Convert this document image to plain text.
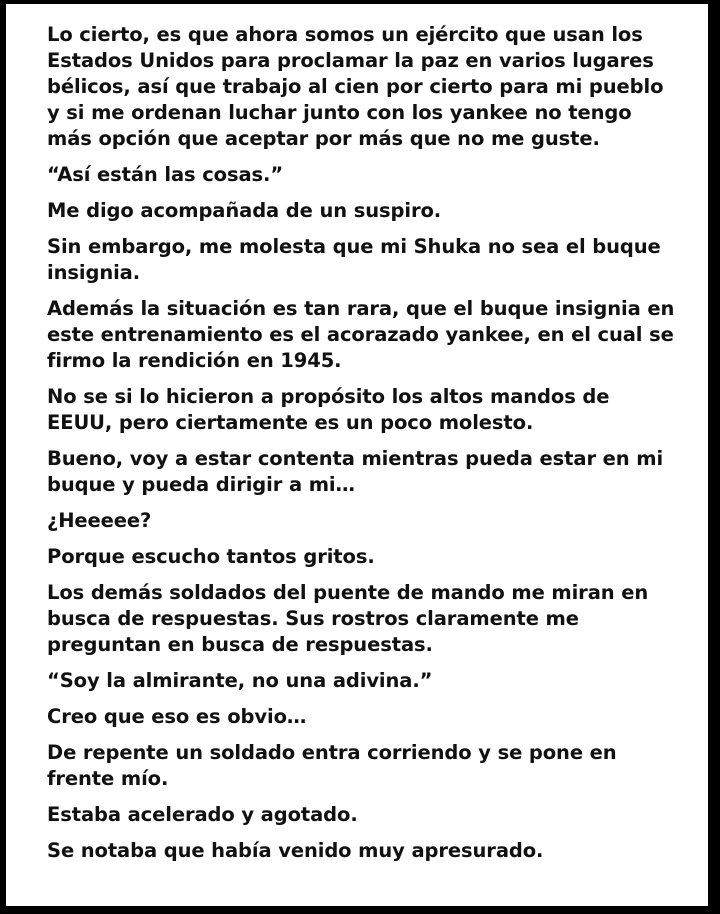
Lo cierto, es que ahora somos un ejército que usan los Estados Unidos para proclamar la paz en varios lugares bélicos, así que trabajo al cien por cierto para mi pueblo y si me ordenan luchar junto con los yankee no tengo más opción que aceptar por más que no me guste.

“Así están las cosas.”

Me digo acompañada de un suspiro.

Sin embargo, me molesta que mi Shuka no sea el buque insignia.

Además la situación es tan rara, que el buque insignia en este entrenamiento es el acorazado yankee, en el cual se firmo la rendición en 1945.

No se si lo hicieron a propósito los altos mandos de EEUU, pero ciertamente es un poco molesto.

Bueno, voy a estar contenta mientras pueda estar en mi buque y pueda dirigir a mi…

¿Heeeee?

Porque escucho tantos gritos.

Los demás soldados del puente de mando me miran en busca de respuestas. Sus rostros claramente me preguntan en busca de respuestas.

“Soy la almirante, no una adivina.”

Creo que eso es obvio…

De repente un soldado entra corriendo y se pone en frente mío.

Estaba acelerado y agotado.

Se notaba que había venido muy apresurado.
